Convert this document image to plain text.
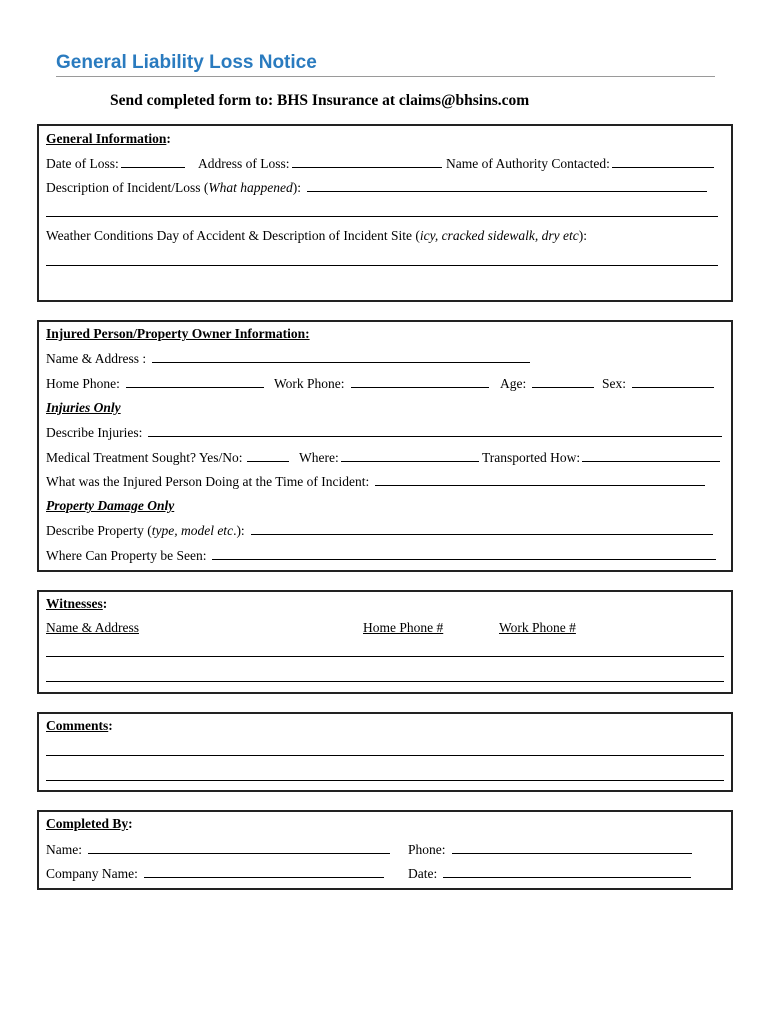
General Liability Loss Notice
Send completed form to: BHS Insurance at claims@bhsins.com
General Information:
Date of Loss:	Address of Loss:	Name of Authority Contacted:
Description of Incident/Loss (What happened):
Weather Conditions Day of Accident & Description of Incident Site (icy, cracked sidewalk, dry etc):
Injured Person/Property Owner Information:
Name & Address :
Home Phone:	Work Phone:	Age:	Sex:
Injuries Only
Describe Injuries:
Medical Treatment Sought? Yes/No:	Where:	Transported How:
What was the Injured Person Doing at the Time of Incident:
Property Damage Only
Describe Property (type, model etc.):
Where Can Property be Seen:
Witnesses:
Name & Address	Home Phone #	Work Phone #
Comments:
Completed By:
Name:	Phone:
Company Name:	Date:
